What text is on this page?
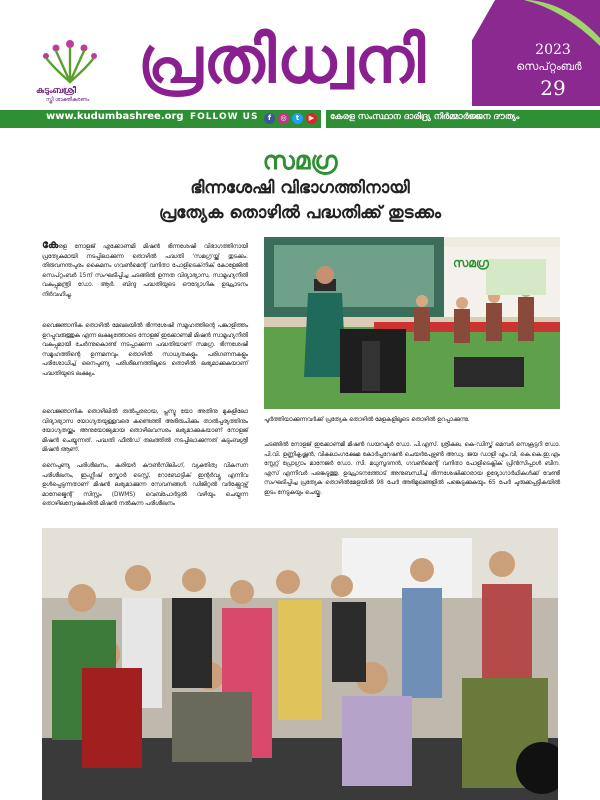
കുടുംബശ്രീ
സ്ത്രീ ശാക്തീകരണം
പ്രതിധ്വനി	2023
സെപ്റ്റംബർ
29
www.kudumbashree.org FOLLOW US	f	◎	t	▶	കേരള സംസ്ഥാന ദാരിദ്ര്യ നിർമ്മാർജ്ജന ദൗത്യം
സമഗ്ര
ഭിന്നശേഷി വിഭാഗത്തിനായി
പ്രത്യേക തൊഴിൽ പദ്ധതിക്ക് തുടക്കം
കേരള നോളജ് എക്കോണമി മിഷൻ ഭിന്നശേഷി വിഭാഗത്തിനായി പ്രത്യേകമായി നടപ്പിലാക്കുന്ന തൊഴിൽ പദ്ധതി 'സമഗ്ര'യ്ക്ക് തുടക്കം. തിരുവനന്തപുരം കൈമനം ഗവൺമെന്റ് വനിതാ പോളിടെക്‌നിക് കോളേജിൽ സെപ്റ്റംബർ 15ന് സംഘടിപ്പിച്ച ചടങ്ങിൽ ഉന്നത വിദ്യാഭ്യാസ, സാമൂഹ്യനീതി വകുപ്പുമന്ത്രി ഡോ. ആർ. ബിന്ദു പദ്ധതിയുടെ ഔദ്യോഗിക ഉദ്ഘാടനം നിർവഹിച്ചു.
വൈജ്ഞാനിക തൊഴിൽ മേഖലയിൽ ഭിന്നശേഷി സമൂഹത്തിന്റെ പങ്കാളിത്തം ഉറപ്പുവരുത്തുക എന്ന ലക്ഷ്യത്തോടെ നോളജ് ഇക്കോണമി മിഷൻ സാമൂഹ്യനീതി വകുപ്പുമായി ചേർന്നുകൊണ്ട് നടപ്പാക്കുന്ന പദ്ധതിയാണ് സമഗ്ര. ഭിന്നശേഷി സമൂഹത്തിന്റെ ഉന്നമനവും തൊഴിൽ സാധ്യതകളും പരിഗണനകളും പരിശോധിച്ച് നൈപുണ്യ പരിശീലനത്തിലൂടെ തൊഴിൽ ലഭ്യമാക്കുകയാണ് പദ്ധതിയുടെ ലക്ഷ്യം.
വൈജ്ഞാനിക തൊഴിലിൽ തൽപ്പരരായ, പ്ലസ്ടു യോ അതിനു മുകളിലോ വിദ്യാഭ്യാസ യോഗ്യതയുള്ളവരെ കണ്ടെത്തി അഭിരുചിക്കും താൽപ്പര്യത്തിനും യോഗ്യതയ്ക്കും അനുയോജ്യമായ തൊഴിലവസരം ലഭ്യമാക്കുകയാണ് നോളജ് മിഷൻ ചെയ്യുന്നത്. പദ്ധതി ഫീൽഡ് തലത്തിൽ നടപ്പിലാക്കുന്നത് കുടുംബശ്രീ മിഷൻ ആണ്.
നൈപുണ്യ പരിശീലനം, കരിയർ കൗൺസിലിംഗ്, വ്യക്തിത്വ വികസന പരിശീലനം, ഇംഗ്ലീഷ് സ്കോർ ടെസ്റ്റ്, റോബോട്ടിക് ഇന്റർവ്യൂ എന്നിവ ഉൾപ്പെടുന്നതാണ് മിഷൻ ലഭ്യമാക്കുന്ന സേവനങ്ങൾ. ഡിജിറ്റൽ വർക്ക്ഫോഴ്സ് മാനേജ്മെന്റ് സിസ്റ്റം (DWMS) വെബ്പോർട്ടൽ വഴിയും ചെയ്യുന്ന തൊഴിലന്വേഷകരിൽ മിഷൻ നൽകുന്ന പരിശീലനം
സമഗ്ര
പൂർത്തിയാക്കുന്നവർക്ക് പ്രത്യേക തൊഴിൽ മേളകളിലൂടെ തൊഴിൽ ഉറപ്പാക്കുന്നു.
ചടങ്ങിൽ നോളജ് ഇക്കോണമി മിഷൻ ഡയറക്ടർ ഡോ. പി.എസ്. ശ്രീകല, കെ-ഡിസ്ക് മെമ്പർ സെക്രട്ടറി ഡോ. പി.വി. ഉണ്ണികൃഷ്ണൻ, വികലാംഗക്ഷേമ കോർപ്പറേഷൻ ചെയർപേഴ്സൺ അഡ്വ. ജയ ഡാളി എം.വി, കെ.കെ.ഇ.എം സ്റ്റേറ്റ് പ്രോഗ്രാം മാനേജർ ഡോ. സി. മധുസൂദനൻ, ഗവൺമെന്റ് വനിതാ പോളിടെക്നിക് പ്രിൻസിപ്പാൾ ബീന. എസ് എന്നിവർ പങ്കെടുത്തു. ഉദ്ഘാടനത്തോട് അനുബന്ധിച്ച് ഭിന്നശേഷിക്കാരായ ഉദ്യോഗാർഥികൾക്ക് വേണ്ടി സംഘടിപ്പിച്ച പ്രത്യേക തൊഴിൽമേളയിൽ 98 പേർ അഭിമുഖങ്ങളിൽ പങ്കെടുക്കുകയും 65 പേർ ചുരുക്കപ്പട്ടികയിൽ ഇടം നേടുകയും ചെയ്തു.
